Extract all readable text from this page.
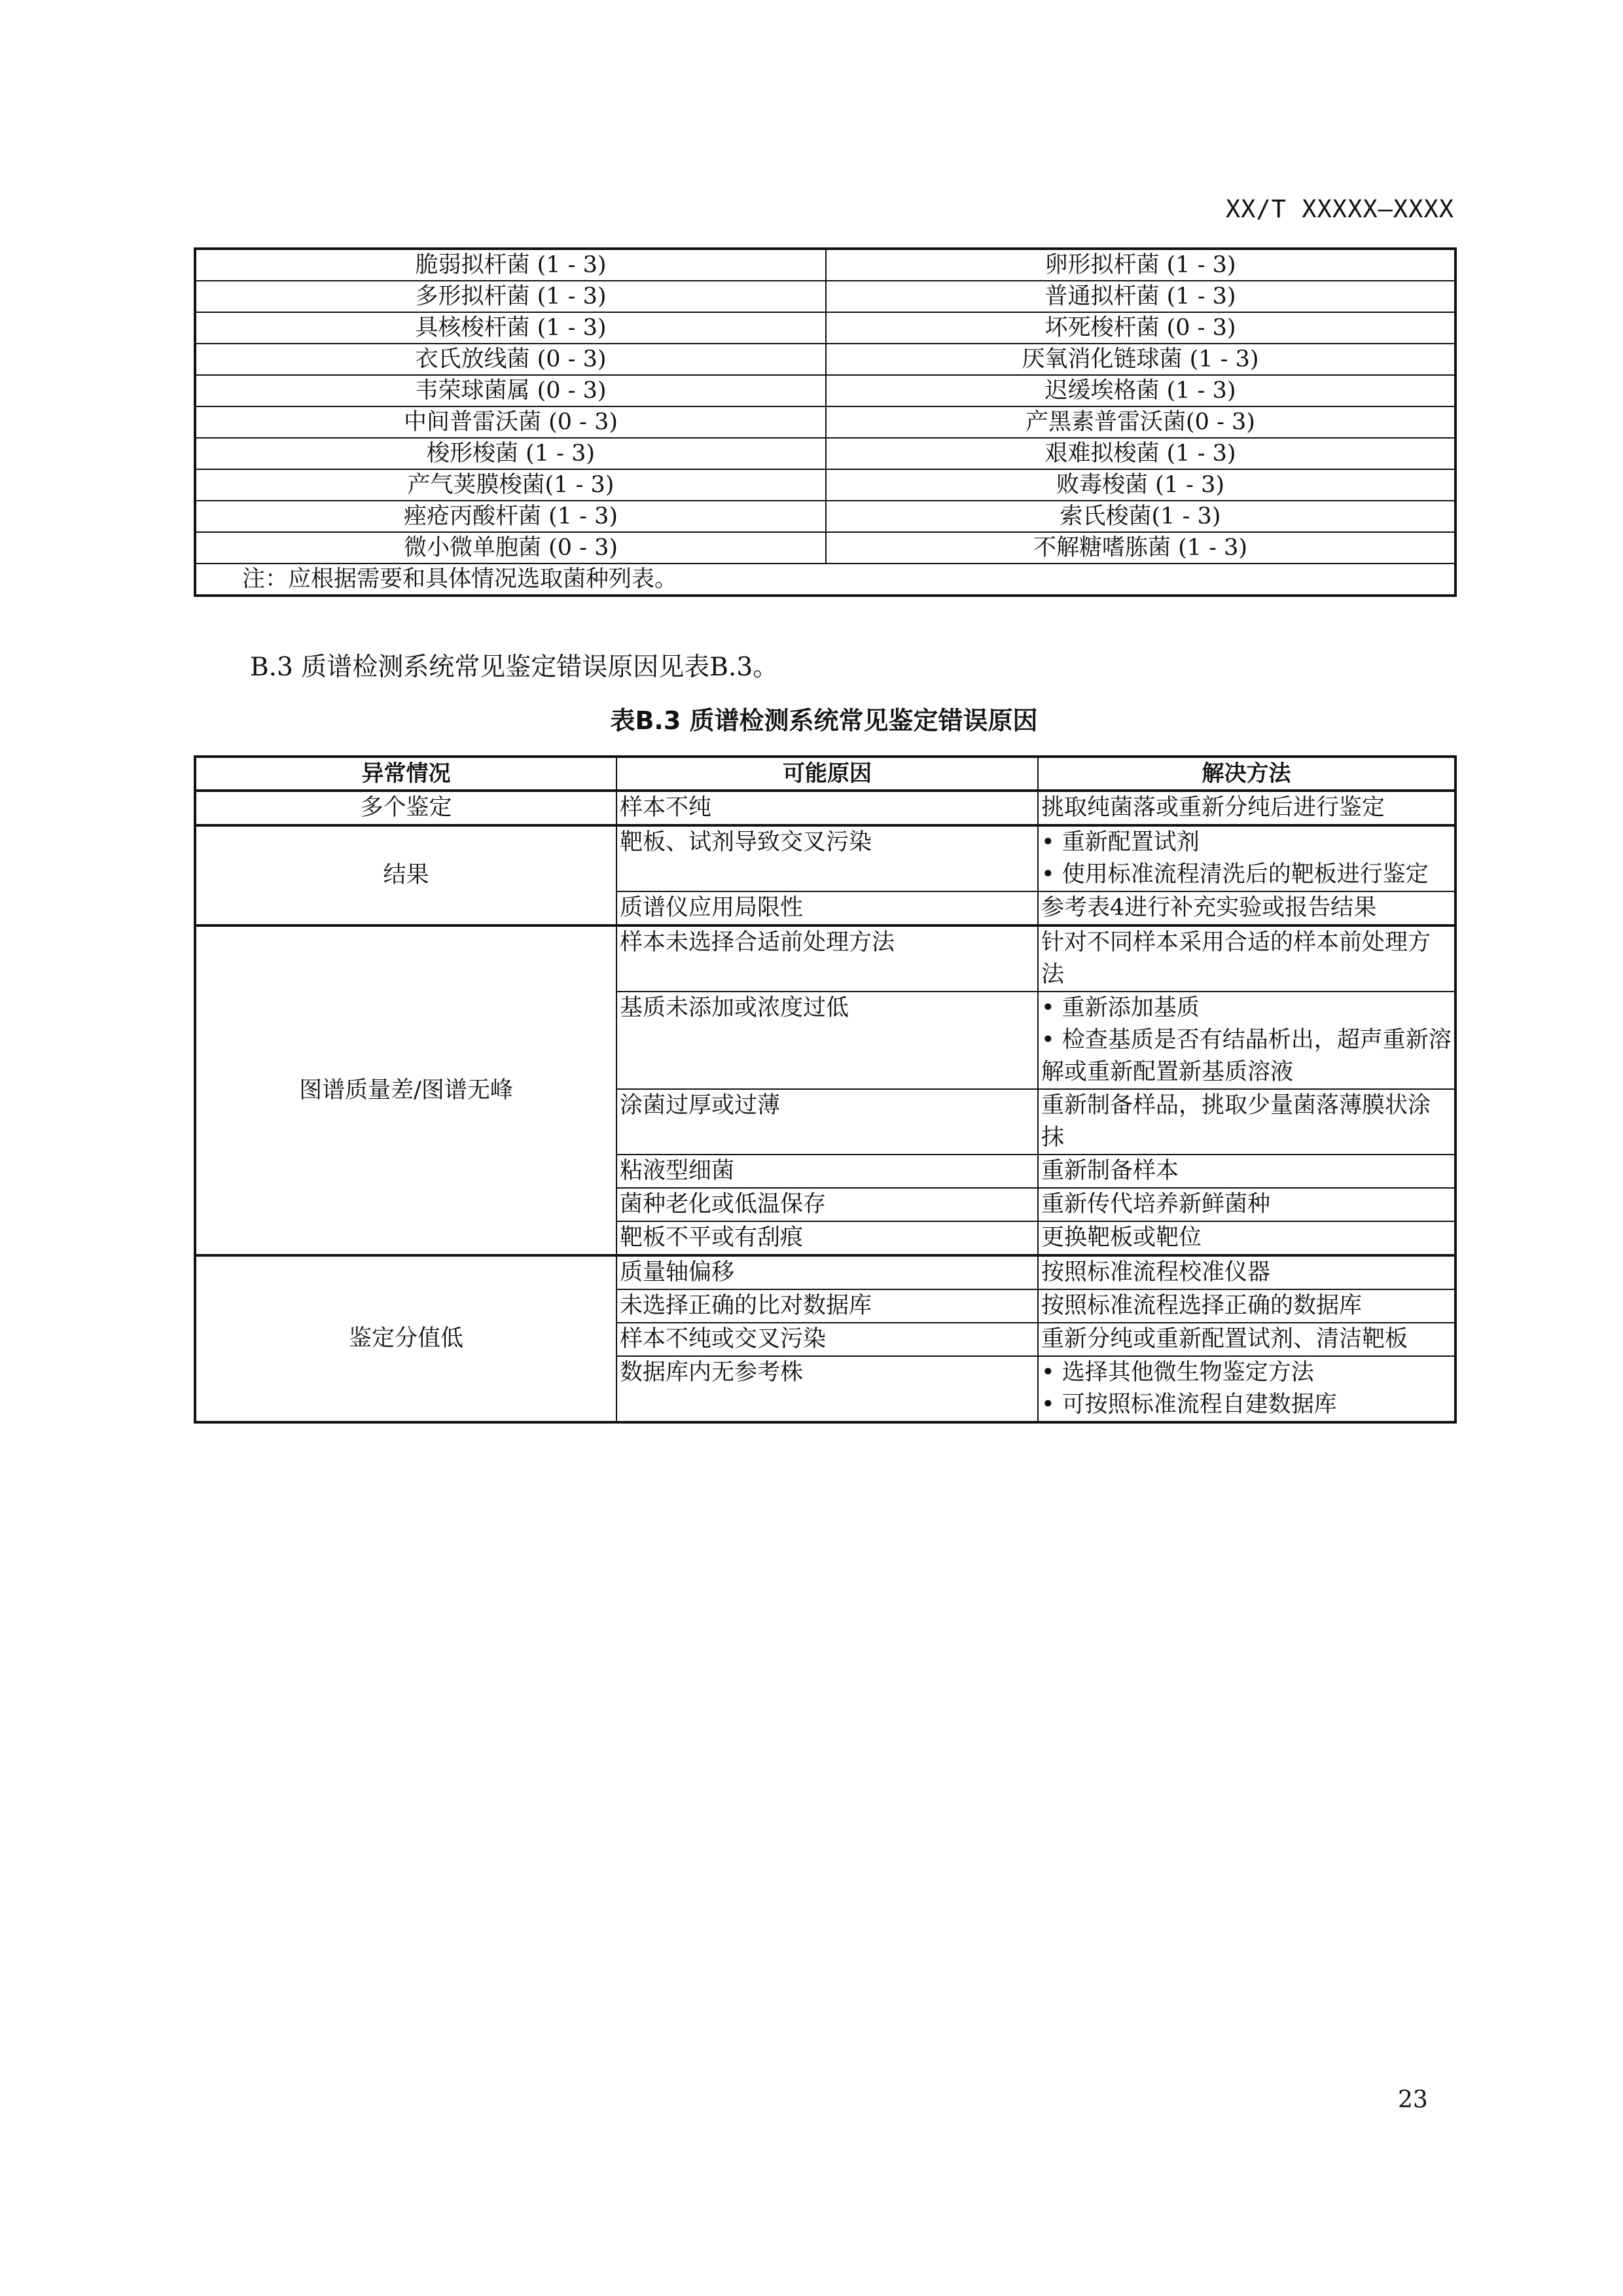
XX/T XXXXX—XXXX
脆弱拟杆菌 (1 - 3)	卵形拟杆菌 (1 - 3)
多形拟杆菌 (1 - 3)	普通拟杆菌 (1 - 3)
具核梭杆菌 (1 - 3)	坏死梭杆菌 (0 - 3)
衣氏放线菌 (0 - 3)	厌氧消化链球菌 (1 - 3)
韦荣球菌属 (0 - 3)	迟缓埃格菌 (1 - 3)
中间普雷沃菌 (0 - 3)	产黑素普雷沃菌(0 - 3)
梭形梭菌 (1 - 3)	艰难拟梭菌 (1 - 3)
产气荚膜梭菌(1 - 3)	败毒梭菌 (1 - 3)
痤疮丙酸杆菌 (1 - 3)	索氏梭菌(1 - 3)
微小微单胞菌 (0 - 3)	不解糖嗜胨菌 (1 - 3)
注：应根据需要和具体情况选取菌种列表。	
B.3 质谱检测系统常见鉴定错误原因见表B.3。
表B.3 质谱检测系统常见鉴定错误原因
异常情况	可能原因	解决方法
多个鉴定	样本不纯	挑取纯菌落或重新分纯后进行鉴定

结果	靶板、试剂导致交叉污染	• 重新配置试剂
• 使用标准流程清洗后的靶板进行鉴定

	质谱仪应用局限性	参考表4进行补充实验或报告结果

图谱质量差/图谱无峰	样本未选择合适前处理方法	针对不同样本采用合适的样本前处理方法

	基质未添加或浓度过低	• 重新添加基质
• 检查基质是否有结晶析出，超声重新溶解或重新配置新基质溶液

	涂菌过厚或过薄	重新制备样品，挑取少量菌落薄膜状涂抹

	粘液型细菌	重新制备样本

	菌种老化或低温保存	重新传代培养新鲜菌种

	靶板不平或有刮痕	更换靶板或靶位

鉴定分值低	质量轴偏移	按照标准流程校准仪器

	未选择正确的比对数据库	按照标准流程选择正确的数据库

	样本不纯或交叉污染	重新分纯或重新配置试剂、清洁靶板

	数据库内无参考株	• 选择其他微生物鉴定方法
• 可按照标准流程自建数据库
23
